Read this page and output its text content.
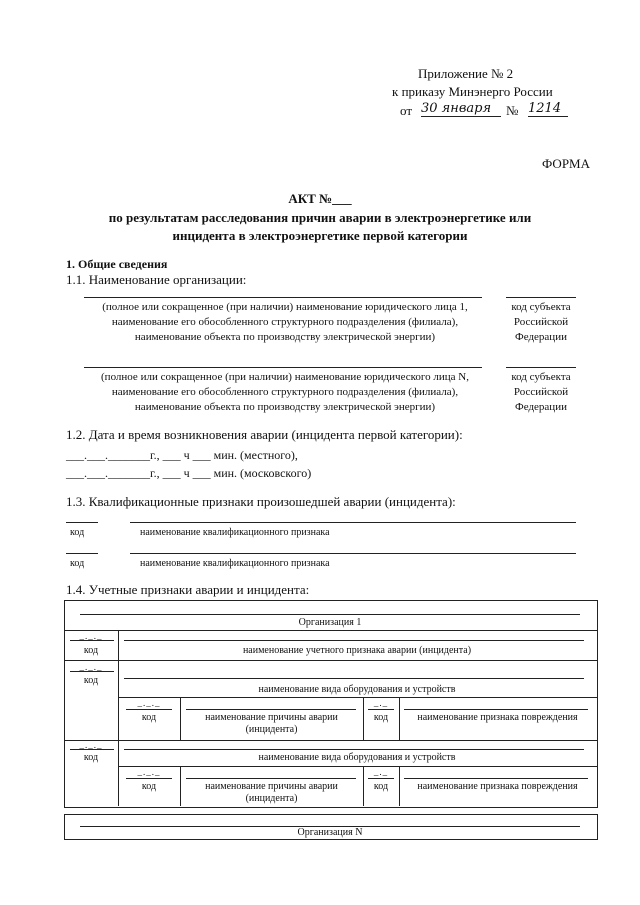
Приложение № 2
к приказу Минэнерго России
от 30 января	№ 1214
ФОРМА
АКТ №___
по результатам расследования причин аварии в электроэнергетике или
инцидента в электроэнергетике первой категории
1. Общие сведения
1.1. Наименование организации:
(полное или сокращенное (при наличии) наименование юридического лица 1,
наименование его обособленного структурного подразделения (филиала),
наименование объекта по производству электрической энергии)
код субъекта
Российской
Федерации
(полное или сокращенное (при наличии) наименование юридического лица N,
наименование его обособленного структурного подразделения (филиала),
наименование объекта по производству электрической энергии)
код субъекта
Российской
Федерации
1.2. Дата и время возникновения аварии (инцидента первой категории):
___.___._______г., ___ ч ___ мин. (местного),
___.___._______г., ___ ч ___ мин. (московского)
1.3. Квалификационные признаки произошедшей аварии (инцидента):
код	наименование квалификационного признака
код	наименование квалификационного признака
1.4. Учетные признаки аварии и инцидента:
Организация 1
_._._
код	наименование учетного признака аварии (инцидента)
_._._
код
наименование вида оборудования и устройств
_._._
код	наименование причины аварии
(инцидента)
_._
код	наименование признака повреждения
_._._
код	наименование вида оборудования и устройств
_._._
код	наименование причины аварии
(инцидента)
_._
код	наименование признака повреждения
Организация N
